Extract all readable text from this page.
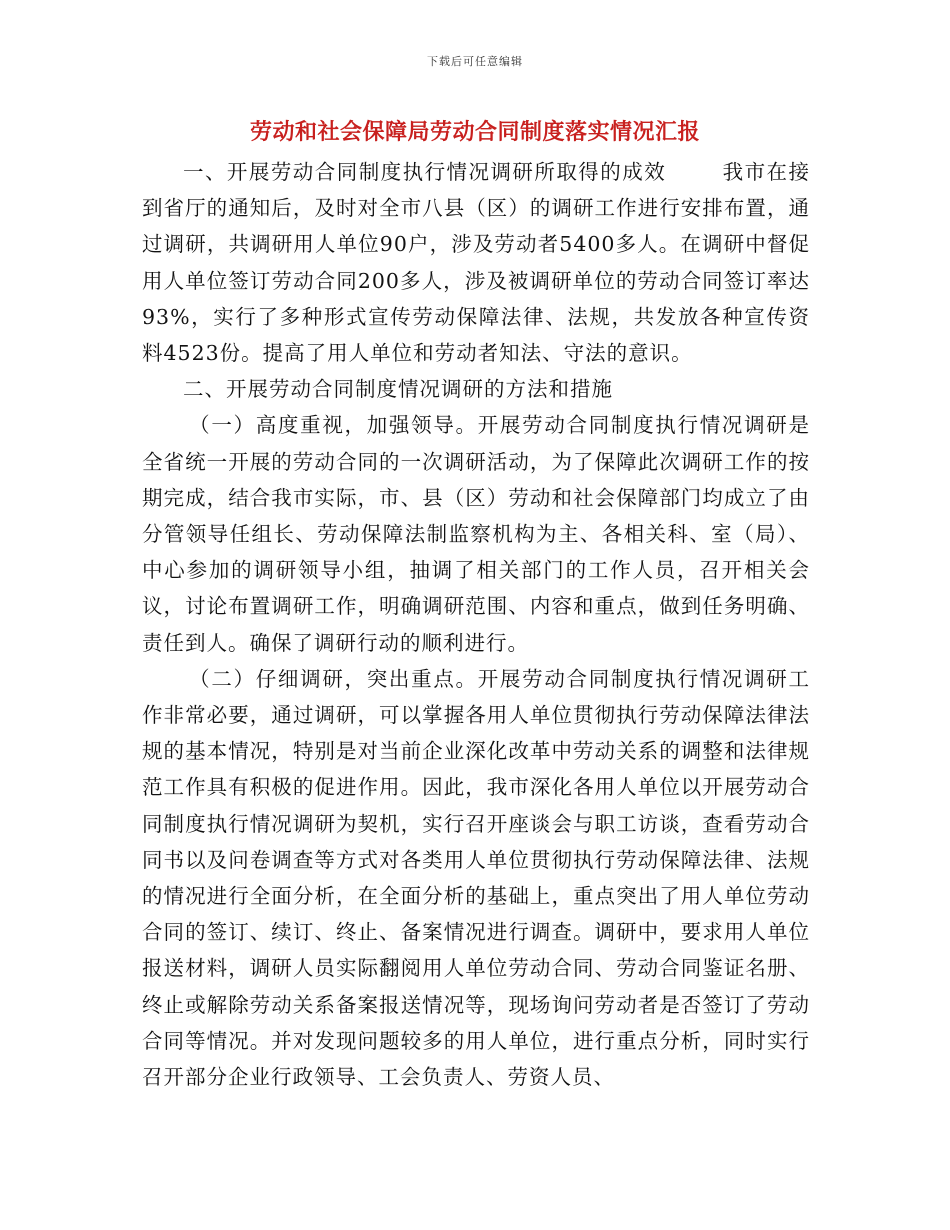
下载后可任意编辑
劳动和社会保障局劳动合同制度落实情况汇报

一、开展劳动合同制度执行情况调研所取得的成效	我市在接到省厅的通知后，及时对全市八县（区）的调研工作进行安排布置，通过调研，共调研用人单位90户，涉及劳动者5400多人。在调研中督促用人单位签订劳动合同200多人，涉及被调研单位的劳动合同签订率达93%，实行了多种形式宣传劳动保障法律、法规，共发放各种宣传资料4523份。提高了用人单位和劳动者知法、守法的意识。

二、开展劳动合同制度情况调研的方法和措施

（一）高度重视，加强领导。开展劳动合同制度执行情况调研是全省统一开展的劳动合同的一次调研活动，为了保障此次调研工作的按期完成，结合我市实际，市、县（区）劳动和社会保障部门均成立了由分管领导任组长、劳动保障法制监察机构为主、各相关科、室（局）、中心参加的调研领导小组，抽调了相关部门的工作人员，召开相关会议，讨论布置调研工作，明确调研范围、内容和重点，做到任务明确、责任到人。确保了调研行动的顺利进行。

（二）仔细调研，突出重点。开展劳动合同制度执行情况调研工作非常必要，通过调研，可以掌握各用人单位贯彻执行劳动保障法律法规的基本情况，特别是对当前企业深化改革中劳动关系的调整和法律规范工作具有积极的促进作用。因此，我市深化各用人单位以开展劳动合同制度执行情况调研为契机，实行召开座谈会与职工访谈，查看劳动合同书以及问卷调查等方式对各类用人单位贯彻执行劳动保障法律、法规的情况进行全面分析，在全面分析的基础上，重点突出了用人单位劳动合同的签订、续订、终止、备案情况进行调查。调研中，要求用人单位报送材料，调研人员实际翻阅用人单位劳动合同、劳动合同鉴证名册、终止或解除劳动关系备案报送情况等，现场询问劳动者是否签订了劳动合同等情况。并对发现问题较多的用人单位，进行重点分析，同时实行召开部分企业行政领导、工会负责人、劳资人员、
